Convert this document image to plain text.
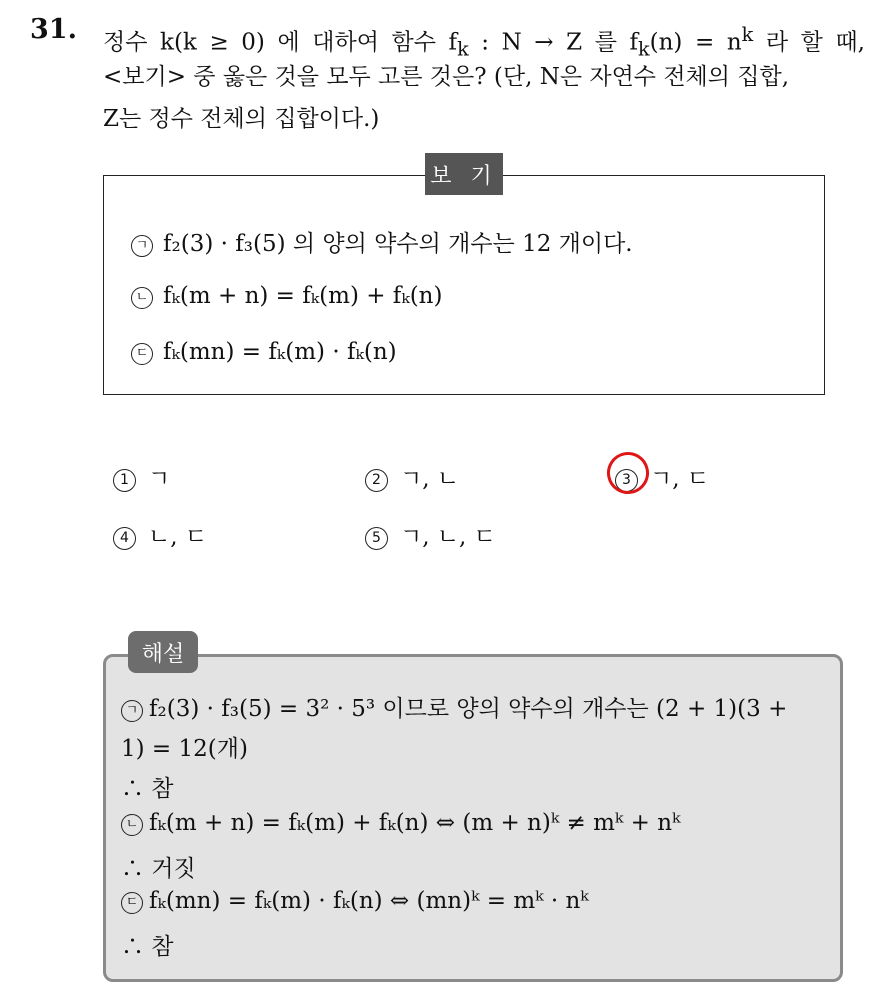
31. 정수 k(k ≥ 0) 에 대하여 함수 $f_k$ : N → Z 를 $f_k(n) = n^k$ 라 할 때,
<보기> 중 옳은 것을 모두 고른 것은? (단, N은 자연수 전체의 집합,
Z는 정수 전체의 집합이다.)
보 기
ㄱ f₂(3) · f₃(5) 의 양의 약수의 개수는 12 개이다.
ㄴ fₖ(m + n) = fₖ(m) + fₖ(n)
ㄷ fₖ(mn) = fₖ(m) · fₖ(n)
1 ㄱ	2 ㄱ, ㄴ	3 ㄱ, ㄷ
4 ㄴ, ㄷ	5 ㄱ, ㄴ, ㄷ
해설
ㄱ f₂(3) · f₃(5) = 3² · 5³ 이므로 양의 약수의 개수는 (2 + 1)(3 +
1) = 12(개)
∴ 참
ㄴ fₖ(m + n) = fₖ(m) + fₖ(n) ⇔ (m + n)ᵏ ≠ mᵏ + nᵏ
∴ 거짓
ㄷ fₖ(mn) = fₖ(m) · fₖ(n) ⇔ (mn)ᵏ = mᵏ · nᵏ
∴ 참
